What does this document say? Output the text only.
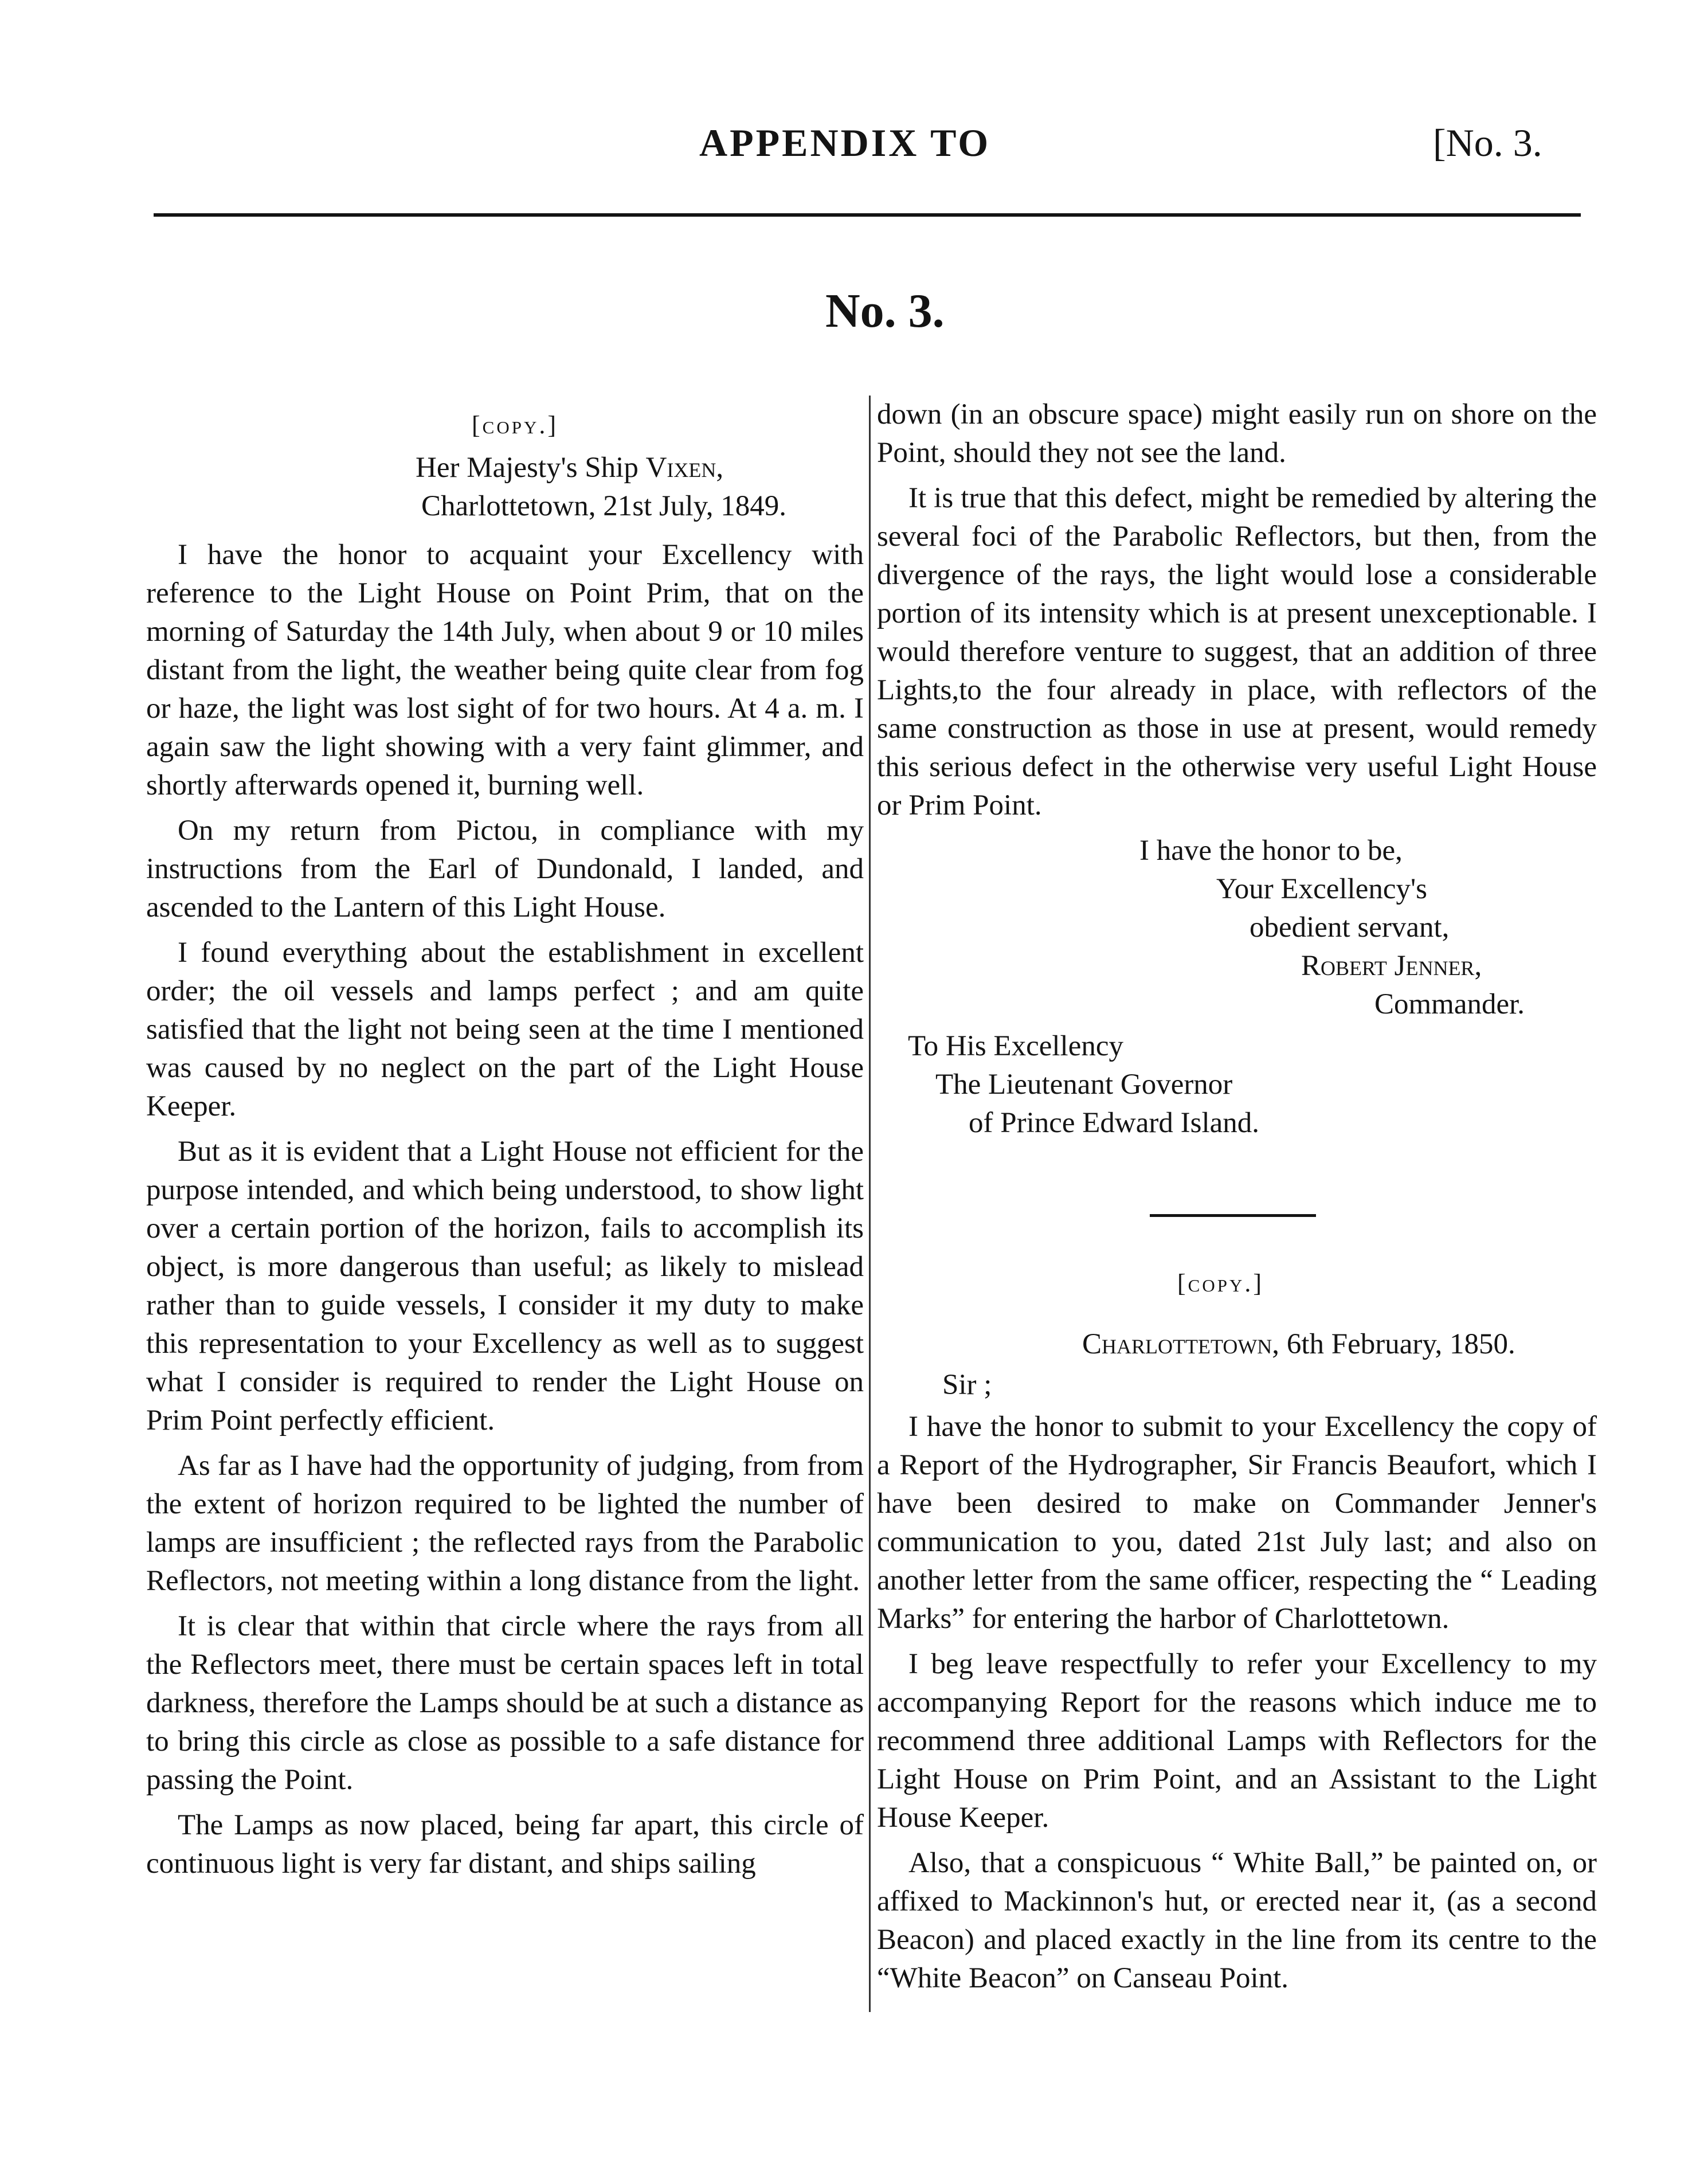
APPENDIX TO	[No. 3.
No. 3.
[copy.]
Her Majesty's Ship Vixen,
Charlottetown, 21st July, 1849.

I have the honor to acquaint your Excellency with reference to the Light House on Point Prim, that on the morning of Saturday the 14th July, when about 9 or 10 miles distant from the light, the weather being quite clear from fog or haze, the light was lost sight of for two hours. At 4 a. m. I again saw the light showing with a very faint glimmer, and shortly afterwards opened it, burning well.

On my return from Pictou, in compliance with my instructions from the Earl of Dundonald, I landed, and ascended to the Lantern of this Light House.

I found everything about the establishment in excellent order; the oil vessels and lamps perfect ; and am quite satisfied that the light not being seen at the time I mentioned was caused by no neglect on the part of the Light House Keeper.

But as it is evident that a Light House not efficient for the purpose intended, and which being understood, to show light over a certain portion of the horizon, fails to accomplish its object, is more dangerous than useful; as likely to mislead rather than to guide vessels, I consider it my duty to make this representation to your Excellency as well as to suggest what I consider is required to render the Light House on Prim Point perfectly efficient.

As far as I have had the opportunity of judging, from from the extent of horizon required to be lighted the number of lamps are insufficient ; the reflected rays from the Parabolic Reflectors, not meeting within a long distance from the light.

It is clear that within that circle where the rays from all the Reflectors meet, there must be certain spaces left in total darkness, therefore the Lamps should be at such a distance as to bring this circle as close as possible to a safe distance for passing the Point.

The Lamps as now placed, being far apart, this circle of continuous light is very far distant, and ships sailing

down (in an obscure space) might easily run on shore on the Point, should they not see the land.

It is true that this defect, might be remedied by altering the several foci of the Parabolic Reflectors, but then, from the divergence of the rays, the light would lose a considerable portion of its intensity which is at present unexceptionable. I would therefore venture to suggest, that an addition of three Lights,to the four already in place, with reflectors of the same construction as those in use at present, would remedy this serious defect in the otherwise very useful Light House or Prim Point.

I have the honor to be,
Your Excellency's
obedient servant,
Robert Jenner,
Commander.
To His Excellency
The Lieutenant Governor
of Prince Edward Island.
[copy.]
Charlottetown, 6th February, 1850.
Sir ;

I have the honor to submit to your Excellency the copy of a Report of the Hydrographer, Sir Francis Beaufort, which I have been desired to make on Commander Jenner's communication to you, dated 21st July last; and also on another letter from the same officer, respecting the “ Leading Marks” for entering the harbor of Charlottetown.

I beg leave respectfully to refer your Excellency to my accompanying Report for the reasons which induce me to recommend three additional Lamps with Reflectors for the Light House on Prim Point, and an Assistant to the Light House Keeper.

Also, that a conspicuous “ White Ball,” be painted on, or affixed to Mackinnon's hut, or erected near it, (as a second Beacon) and placed exactly in the line from its centre to the “White Beacon” on Canseau Point.
